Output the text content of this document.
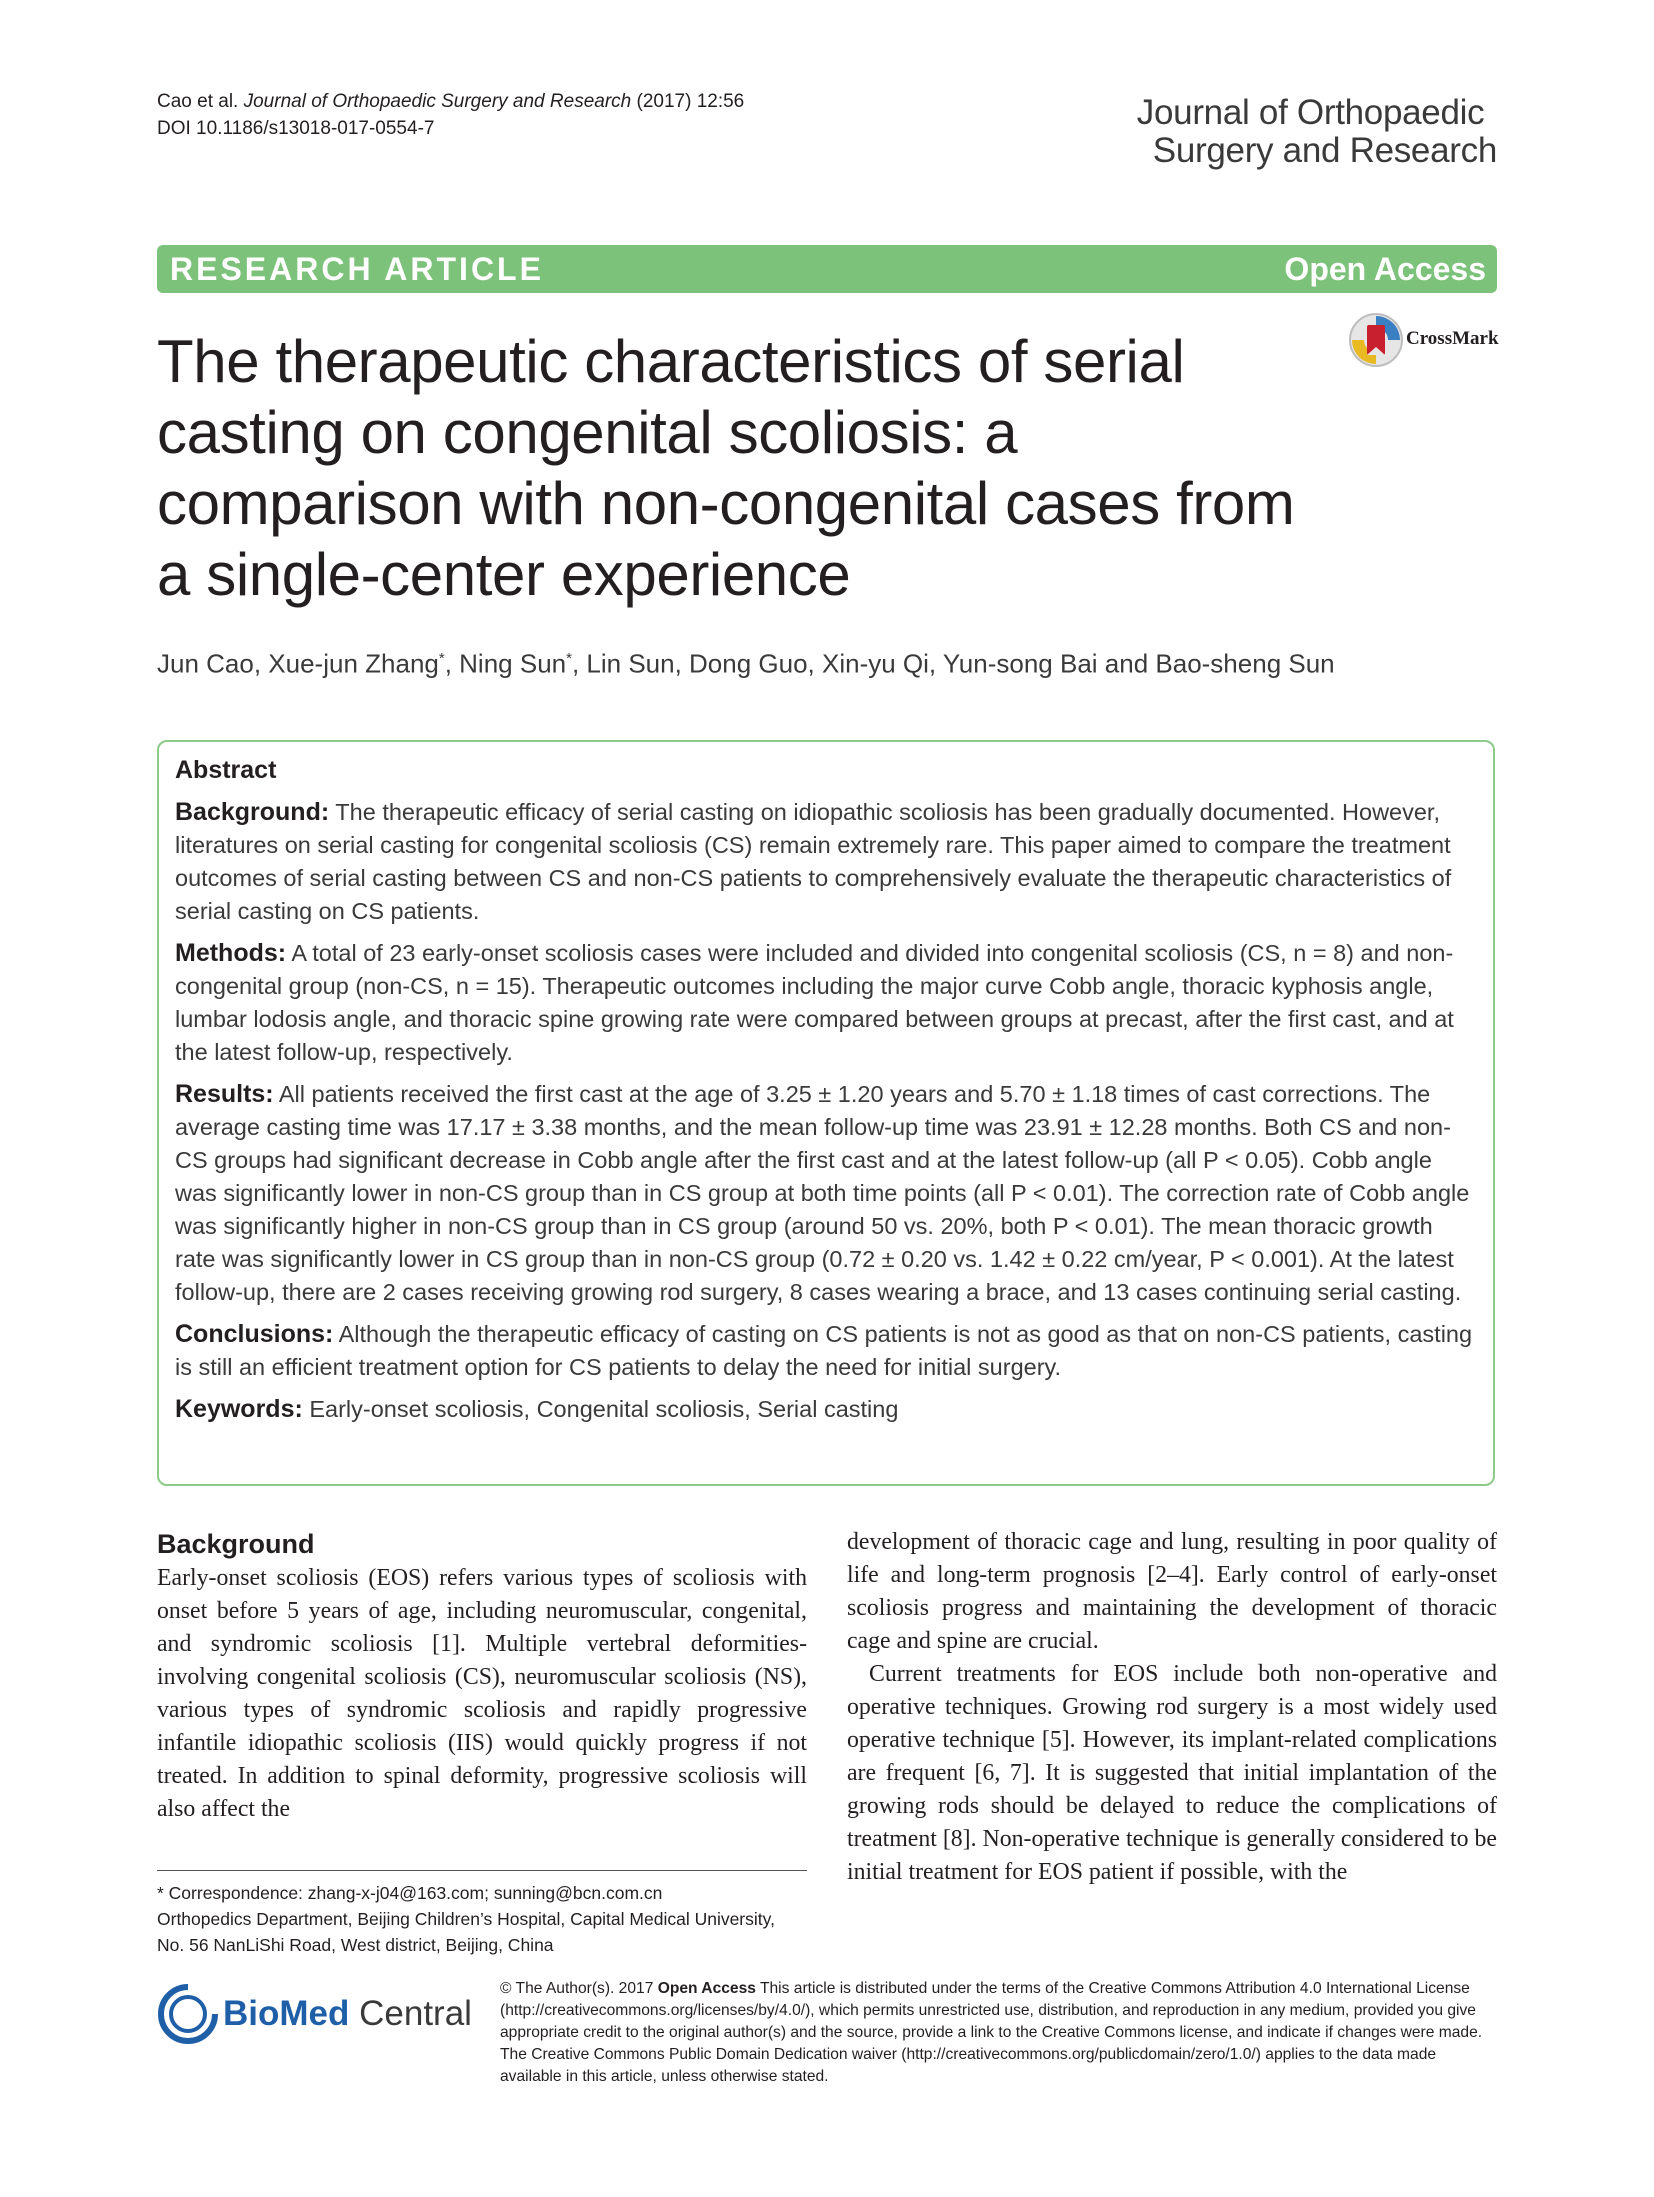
Cao et al. Journal of Orthopaedic Surgery and Research (2017) 12:56
DOI 10.1186/s13018-017-0554-7	Journal of Orthopaedic
Surgery and Research
RESEARCH ARTICLE	Open Access
CrossMark
The therapeutic characteristics of serial casting on congenital scoliosis: a comparison with non-congenital cases from a single-center experience
Jun Cao, Xue-jun Zhang*, Ning Sun*, Lin Sun, Dong Guo, Xin-yu Qi, Yun-song Bai and Bao-sheng Sun
Abstract

Background: The therapeutic efficacy of serial casting on idiopathic scoliosis has been gradually documented. However, literatures on serial casting for congenital scoliosis (CS) remain extremely rare. This paper aimed to compare the treatment outcomes of serial casting between CS and non-CS patients to comprehensively evaluate the therapeutic characteristics of serial casting on CS patients.

Methods: A total of 23 early-onset scoliosis cases were included and divided into congenital scoliosis (CS, n = 8) and non-congenital group (non-CS, n = 15). Therapeutic outcomes including the major curve Cobb angle, thoracic kyphosis angle, lumbar lodosis angle, and thoracic spine growing rate were compared between groups at precast, after the first cast, and at the latest follow-up, respectively.

Results: All patients received the first cast at the age of 3.25 ± 1.20 years and 5.70 ± 1.18 times of cast corrections. The average casting time was 17.17 ± 3.38 months, and the mean follow-up time was 23.91 ± 12.28 months. Both CS and non-CS groups had significant decrease in Cobb angle after the first cast and at the latest follow-up (all P < 0.05). Cobb angle was significantly lower in non-CS group than in CS group at both time points (all P < 0.01). The correction rate of Cobb angle was significantly higher in non-CS group than in CS group (around 50 vs. 20%, both P < 0.01). The mean thoracic growth rate was significantly lower in CS group than in non-CS group (0.72 ± 0.20 vs. 1.42 ± 0.22 cm/year, P < 0.001). At the latest follow-up, there are 2 cases receiving growing rod surgery, 8 cases wearing a brace, and 13 cases continuing serial casting.

Conclusions: Although the therapeutic efficacy of casting on CS patients is not as good as that on non-CS patients, casting is still an efficient treatment option for CS patients to delay the need for initial surgery.

Keywords: Early-onset scoliosis, Congenital scoliosis, Serial casting

Background

Early-onset scoliosis (EOS) refers various types of scoliosis with onset before 5 years of age, including neuromuscular, congenital, and syndromic scoliosis [1]. Multiple vertebral deformities-involving congenital scoliosis (CS), neuromuscular scoliosis (NS), various types of syndromic scoliosis and rapidly progressive infantile idiopathic scoliosis (IIS) would quickly progress if not treated. In addition to spinal deformity, progressive scoliosis will also affect the

development of thoracic cage and lung, resulting in poor quality of life and long-term prognosis [2–4]. Early control of early-onset scoliosis progress and maintaining the development of thoracic cage and spine are crucial.

Current treatments for EOS include both non-operative and operative techniques. Growing rod surgery is a most widely used operative technique [5]. However, its implant-related complications are frequent [6, 7]. It is suggested that initial implantation of the growing rods should be delayed to reduce the complications of treatment [8]. Non-operative technique is generally considered to be initial treatment for EOS patient if possible, with the

* Correspondence: zhang-x-j04@163.com; sunning@bcn.com.cn
Orthopedics Department, Beijing Children’s Hospital, Capital Medical University, No. 56 NanLiShi Road, West district, Beijing, China
BioMed Central
© The Author(s). 2017 Open Access This article is distributed under the terms of the Creative Commons Attribution 4.0 International License (http://creativecommons.org/licenses/by/4.0/), which permits unrestricted use, distribution, and reproduction in any medium, provided you give appropriate credit to the original author(s) and the source, provide a link to the Creative Commons license, and indicate if changes were made. The Creative Commons Public Domain Dedication waiver (http://creativecommons.org/publicdomain/zero/1.0/) applies to the data made available in this article, unless otherwise stated.
